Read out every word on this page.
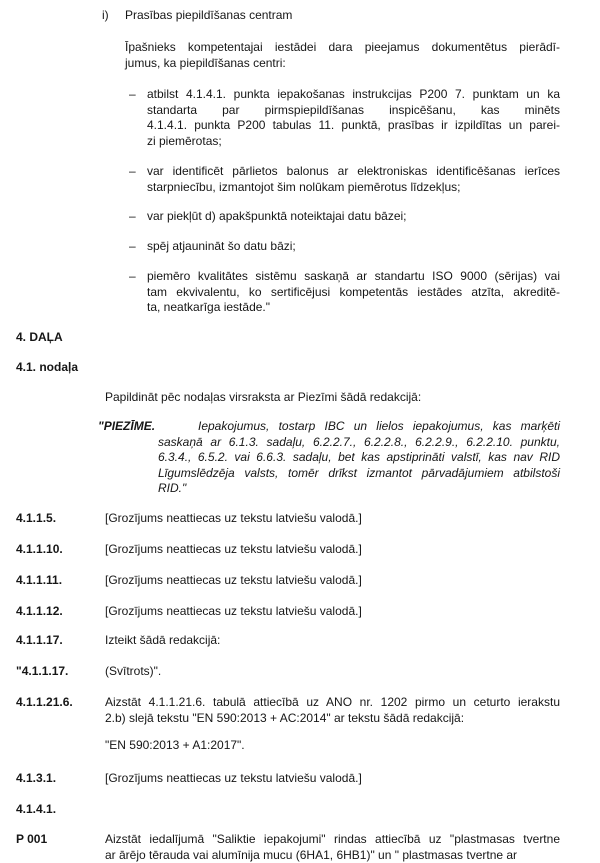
i)	Prasības piepildīšanas centram
Īpašnieks kompetentajai iestādei dara pieejamus dokumentētus pierādī-
jumus, ka piepildīšanas centri:
– atbilst 4.1.4.1. punkta iepakošanas instrukcijas P200 7. punktam un ka
standarta par pirmspiepildīšanas inspicēšanu, kas minēts
4.1.4.1. punkta P200 tabulas 11. punktā, prasības ir izpildītas un parei-
zi piemērotas;
– var identificēt pārlietos balonus ar elektroniskas identificēšanas ierīces
starpniecību, izmantojot šim nolūkam piemērotus līdzekļus;
– var piekļūt d) apakšpunktā noteiktajai datu bāzei;
– spēj atjaunināt šo datu bāzi;
– piemēro kvalitātes sistēmu saskaņā ar standartu ISO 9000 (sērijas) vai
tam ekvivalentu, ko sertificējusi kompetentās iestādes atzīta, akreditē-
ta, neatkarīga iestāde."
4. DAĻA
4.1. nodaļa
Papildināt pēc nodaļas virsraksta ar Piezīmi šādā redakcijā:
"PIEZĪME.	Iepakojumus, tostarp IBC un lielos iepakojumus, kas marķēti
saskaņā ar 6.1.3. sadaļu, 6.2.2.7., 6.2.2.8., 6.2.2.9., 6.2.2.10. punktu,
6.3.4., 6.5.2. vai 6.6.3. sadaļu, bet kas apstiprināti valstī, kas nav RID
Līgumslēdzēja valsts, tomēr drīkst izmantot pārvadājumiem atbilstoši
RID."
4.1.1.5.	[Grozījums neattiecas uz tekstu latviešu valodā.]
4.1.1.10.	[Grozījums neattiecas uz tekstu latviešu valodā.]
4.1.1.11.	[Grozījums neattiecas uz tekstu latviešu valodā.]
4.1.1.12.	[Grozījums neattiecas uz tekstu latviešu valodā.]
4.1.1.17.	Izteikt šādā redakcijā:
"4.1.1.17.	(Svītrots)".
4.1.1.21.6.	Aizstāt 4.1.1.21.6. tabulā attiecībā uz ANO nr. 1202 pirmo un ceturto ierakstu
2.b) slejā tekstu "EN 590:2013 + AC:2014" ar tekstu šādā redakcijā:
"EN 590:2013 + A1:2017".
4.1.3.1.	[Grozījums neattiecas uz tekstu latviešu valodā.]
4.1.4.1.
P 001	Aizstāt iedalījumā "Saliktie iepakojumi" rindas attiecībā uz "plastmasas tvertne
ar ārējo tērauda vai alumīnija mucu (6HA1, 6HB1)" un " plastmasas tvertne ar
